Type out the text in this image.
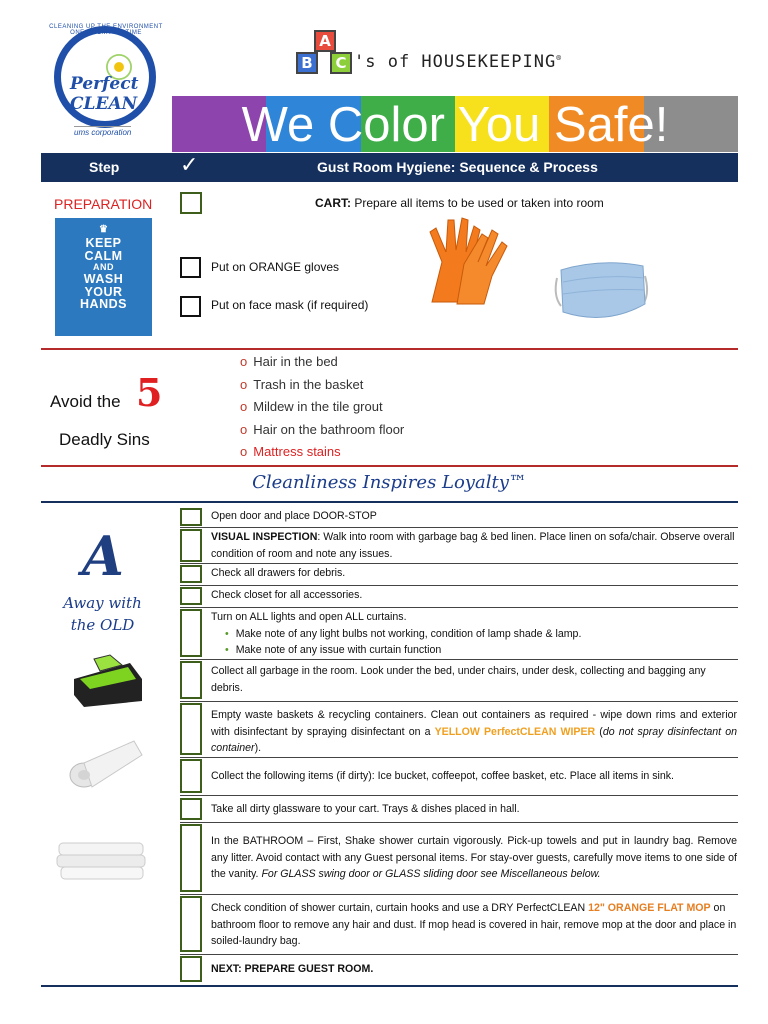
CLEANING UP THE ENVIRONMENT ONE ROOM AT A TIME
Perfect CLEAN
ums corporation
A
B	C 's of HOUSEKEEPING®
We Color You Safe!
Step	✓	Gust Room Hygiene: Sequence & Process
PREPARATION	CART: Prepare all items to be used or taken into room
♛
KEEP
CALM
AND
WASH
YOUR
HANDS
Put on ORANGE gloves
Put on face mask (if required)
Avoid the 5
Deadly Sins
o Hair in the bed
o Trash in the basket
o Mildew in the tile grout
o Hair on the bathroom floor
o Mattress stains
Cleanliness Inspires Loyalty™
A
Away with
the OLD
Open door and place DOOR-STOP
VISUAL INSPECTION: Walk into room with garbage bag & bed linen. Place linen on sofa/chair. Observe overall condition of room and note any issues.
Check all drawers for debris.
Check closet for all accessories.
Turn on ALL lights and open ALL curtains.
• Make note of any light bulbs not working, condition of lamp shade & lamp.
• Make note of any issue with curtain function
Collect all garbage in the room. Look under the bed, under chairs, under desk, collecting and bagging any debris.
Empty waste baskets & recycling containers. Clean out containers as required - wipe down rims and exterior with disinfectant by spraying disinfectant on a YELLOW PerfectCLEAN WIPER (do not spray disinfectant on container).
Collect the following items (if dirty): Ice bucket, coffeepot, coffee basket, etc. Place all items in sink.
Take all dirty glassware to your cart. Trays & dishes placed in hall.
In the BATHROOM – First, Shake shower curtain vigorously. Pick-up towels and put in laundry bag. Remove any litter. Avoid contact with any Guest personal items. For stay-over guests, carefully move items to one side of the vanity. For GLASS swing door or GLASS sliding door see Miscellaneous below.
Check condition of shower curtain, curtain hooks and use a DRY PerfectCLEAN 12" ORANGE FLAT MOP on bathroom floor to remove any hair and dust. If mop head is covered in hair, remove mop at the door and place in soiled-laundry bag.
NEXT: PREPARE GUEST ROOM.
